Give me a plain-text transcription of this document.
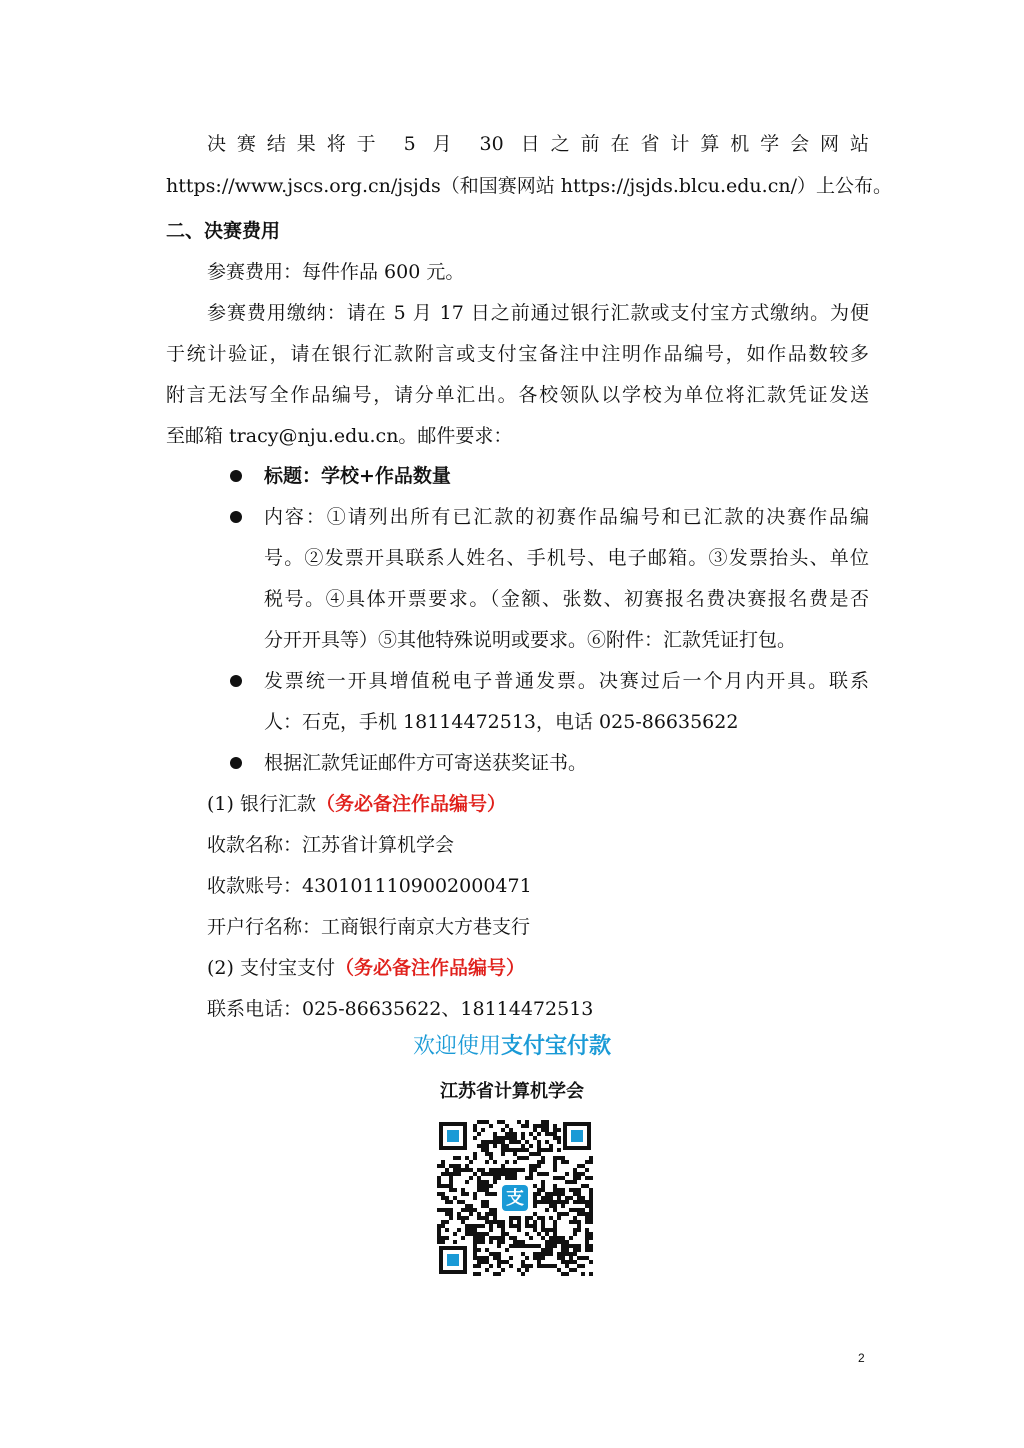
决赛结果将于 5 月 30 日之前在省计算机学会网站
https://www.jscs.org.cn/jsjds（和国赛网站 https://jsjds.blcu.edu.cn/）上公布。
二、决赛费用
参赛费用：每件作品 600 元。
参赛费用缴纳：请在 5 月 17 日之前通过银行汇款或支付宝方式缴纳。为便
于统计验证，请在银行汇款附言或支付宝备注中注明作品编号，如作品数较多
附言无法写全作品编号，请分单汇出。各校领队以学校为单位将汇款凭证发送
至邮箱 tracy@nju.edu.cn。邮件要求：
标题：学校+作品数量
内容：①请列出所有已汇款的初赛作品编号和已汇款的决赛作品编
号。②发票开具联系人姓名、手机号、电子邮箱。③发票抬头、单位
税号。④具体开票要求。（金额、张数、初赛报名费决赛报名费是否
分开开具等）⑤其他特殊说明或要求。⑥附件：汇款凭证打包。
发票统一开具增值税电子普通发票。决赛过后一个月内开具。联系
人：石克，手机 18114472513，电话 025-86635622
根据汇款凭证邮件方可寄送获奖证书。
(1) 银行汇款（务必备注作品编号）
收款名称：江苏省计算机学会
收款账号：4301011109002000471
开户行名称：工商银行南京大方巷支行
(2) 支付宝支付（务必备注作品编号）
联系电话：025-86635622、18114472513
欢迎使用支付宝付款
江苏省计算机学会
支
2
